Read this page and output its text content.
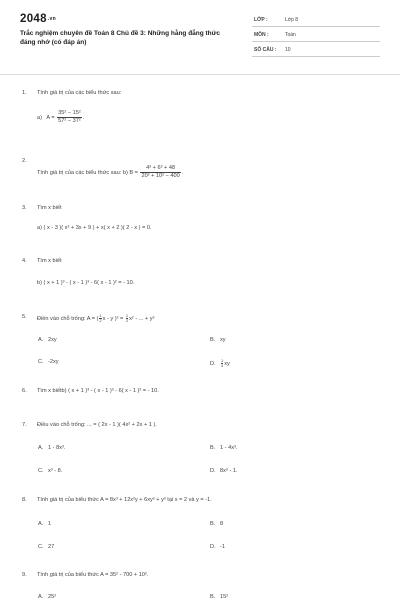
$2048^{.vn}$
Trắc nghiệm chuyên đề Toán 8 Chủ đề 3: Những hằng đẳng thức đáng nhớ (có đáp án)
LỚP :	Lớp 8
MÔN :	Toán
SỐ CÂU : 10
1. Tính giá trị của các biểu thức sau:
a) $A = \frac{\text{35² − 15²}}{\text{57² − 37²}}$ .
2.
Tính giá trị của các biểu thức sau: b) $B = \frac{\text{4³ + 6³ + 48}}{\text{20² + 10² − 400}}$ .
3. Tìm x biết
a) ( x - 3 )( x² + 3x + 9 ) + x( x + 2 )( 2 - x ) = 0.
4. Tìm x biết
b) ( x + 1 )³ - ( x - 1 )³ - 6( x - 1 )² = - 10.
5. Điền vào chỗ trống: A = ( $\frac{1}{2}$ x - y )$^2 = \frac{1}{2} x^2$ - ... + y²
A. 2xy	B. xy
C. -2xy	D. $\frac{1}{4}$ xy
6. Tìm x biếtb) ( x + 1 )³ - ( x - 1 )³ - 6( x - 1 )² = - 10.
7. Điều vào chỗ trống: ... = ( 2x - 1 )( 4x² + 2x + 1 ).
A. 1 - 8x³.	B. 1 - 4x³.
C. x³ - 8.	D. 8x³ - 1.
8. Tính giá trị của biểu thức A = 8x³ + 12x²y + 6xy² + y³ tại x = 2 và y = -1.
A. 1	B. 8
C. 27	D. -1
9. Tính giá trị của biểu thức A = 35² - 700 + 10².
A. 25²	B. 15²
